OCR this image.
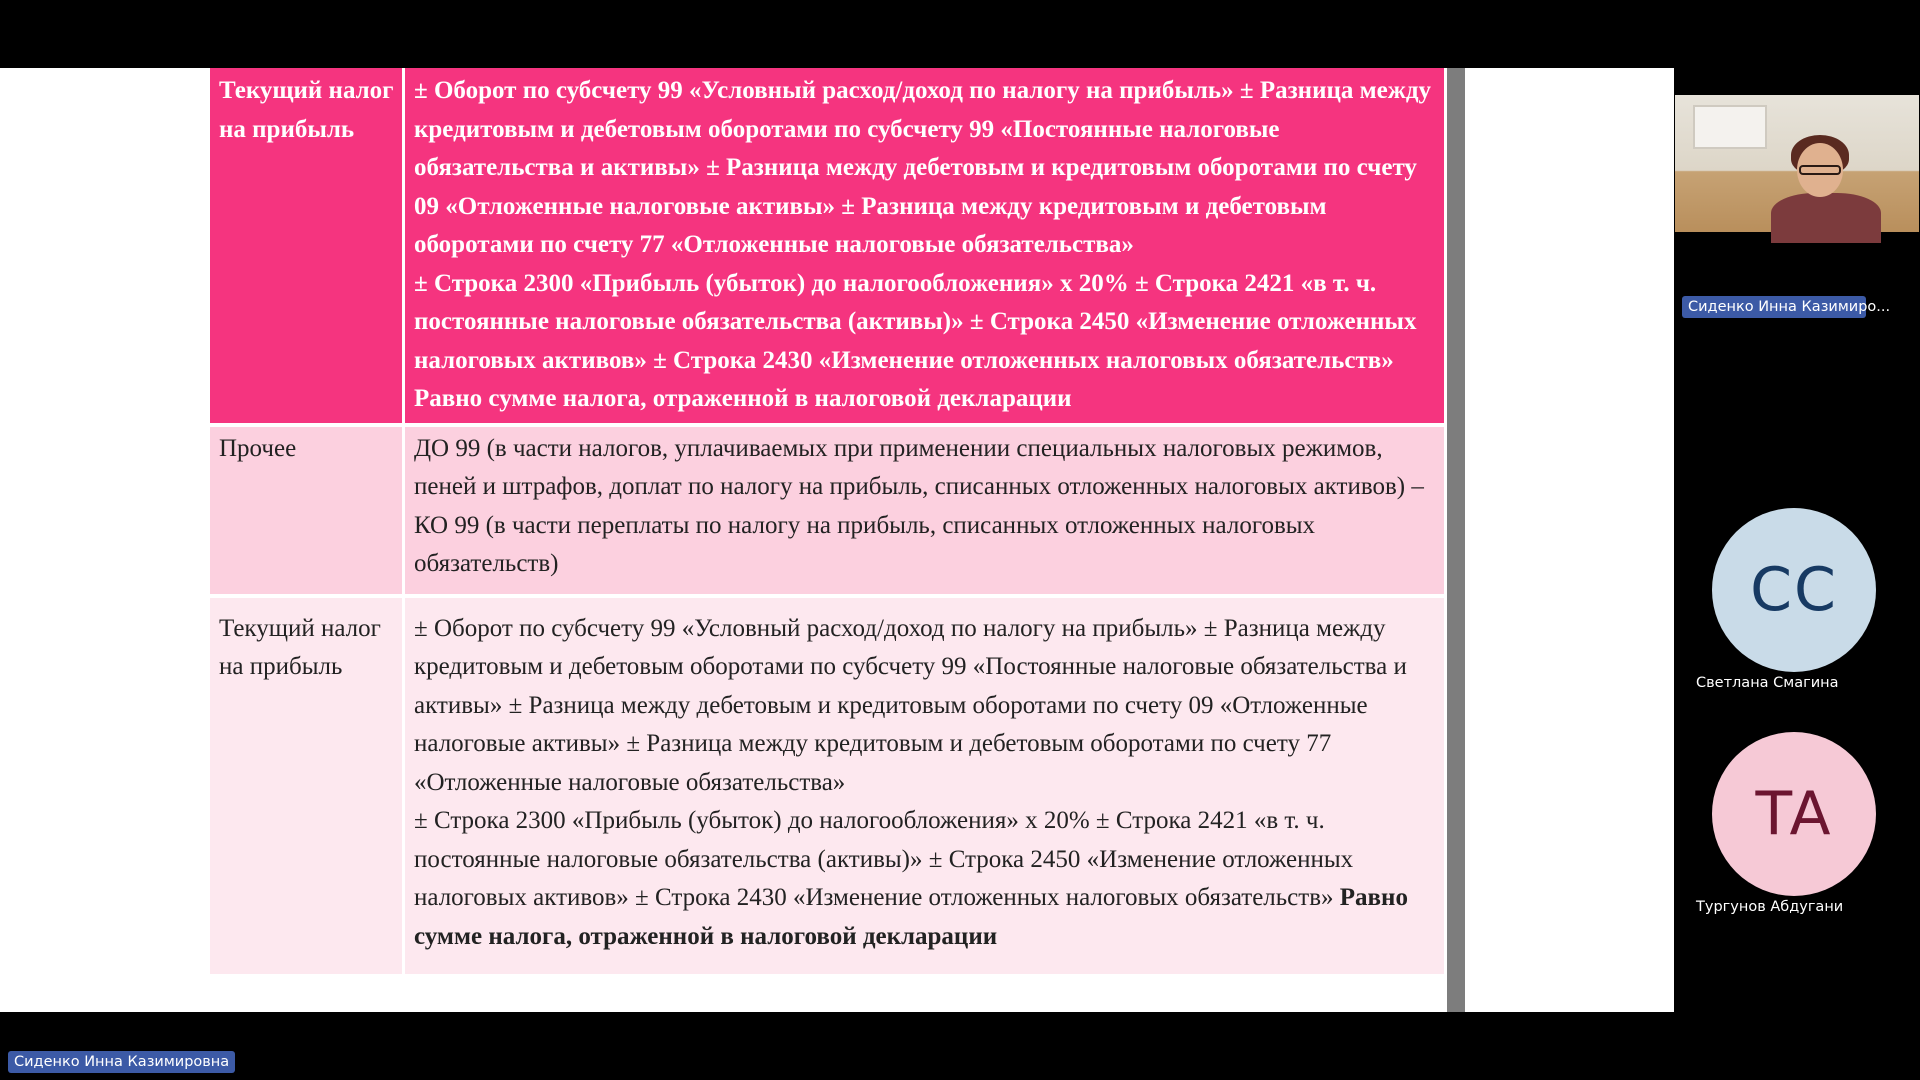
Текущий налог на прибыль	± Оборот по субсчету 99 «Условный расход/доход по налогу на прибыль» ± Разница между кредитовым и дебетовым оборотами по субсчету 99 «Постоянные налоговые обязательства и активы» ± Разница между дебетовым и кредитовым оборотами по счету 09 «Отложенные налоговые активы» ± Разница между кредитовым и дебетовым оборотами по счету 77 «Отложенные налоговые обязательства»
± Строка 2300 «Прибыль (убыток) до налогообложения» х 20% ± Строка 2421 «в т. ч. постоянные налоговые обязательства (активы)» ± Строка 2450 «Изменение отложенных налоговых активов» ± Строка 2430 «Изменение отложенных налоговых обязательств» Равно сумме налога, отраженной в налоговой декларации

Прочее	ДО 99 (в части налогов, уплачиваемых при применении специальных налоговых режимов, пеней и штрафов, доплат по налогу на прибыль, списанных отложенных налоговых активов) – КО 99 (в части переплаты по налогу на прибыль, списанных отложенных налоговых обязательств)

Текущий налог на прибыль	± Оборот по субсчету 99 «Условный расход/доход по налогу на прибыль» ± Разница между кредитовым и дебетовым оборотами по субсчету 99 «Постоянные налоговые обязательства и активы» ± Разница между дебетовым и кредитовым оборотами по счету 09 «Отложенные налоговые активы» ± Разница между кредитовым и дебетовым оборотами по счету 77 «Отложенные налоговые обязательства»
± Строка 2300 «Прибыль (убыток) до налогообложения» х 20% ± Строка 2421 «в т. ч. постоянные налоговые обязательства (активы)» ± Строка 2450 «Изменение отложенных налоговых активов» ± Строка 2430 «Изменение отложенных налоговых обязательств» Равно сумме налога, отраженной в налоговой декларации
Сиденко Инна Казимиро...
CC
Светлана Смагина
TA
Тургунов Абдугани
Сиденко Инна Казимировна
